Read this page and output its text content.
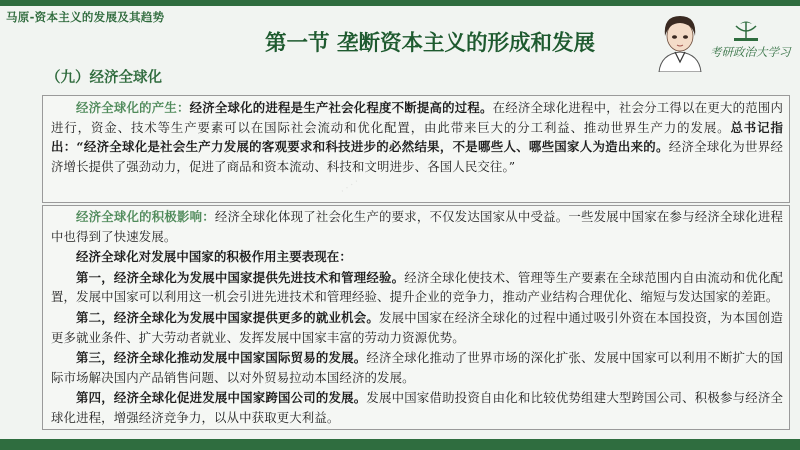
马原-资本主义的发展及其趋势
第一节 垄断资本主义的形成和发展	考研政治大学习
（九）经济全球化

经济全球化的产生：经济全球化的进程是生产社会化程度不断提高的过程。在经济全球化进程中，社会分工得以在更大的范围内进行，资金、技术等生产要素可以在国际社会流动和优化配置，由此带来巨大的分工利益、推动世界生产力的发展。总书记指出：“经济全球化是社会生产力发展的客观要求和科技进步的必然结果，不是哪些人、哪些国家人为造出来的。经济全球化为世界经济增长提供了强劲动力，促进了商品和资本流动、科技和文明进步、各国人民交往。”

· · · ·

经济全球化的积极影响：经济全球化体现了社会化生产的要求，不仅发达国家从中受益。一些发展中国家在参与经济全球化进程中也得到了快速发展。

经济全球化对发展中国家的积极作用主要表现在：

第一，经济全球化为发展中国家提供先进技术和管理经验。经济全球化使技术、管理等生产要素在全球范围内自由流动和优化配置，发展中国家可以利用这一机会引进先进技术和管理经验、提升企业的竞争力，推动产业结构合理优化、缩短与发达国家的差距。

第二，经济全球化为发展中国家提供更多的就业机会。发展中国家在经济全球化的过程中通过吸引外资在本国投资，为本国创造更多就业条件、扩大劳动者就业、发挥发展中国家丰富的劳动力资源优势。

第三，经济全球化推动发展中国家国际贸易的发展。经济全球化推动了世界市场的深化扩张、发展中国家可以利用不断扩大的国际市场解决国内产品销售问题、以对外贸易拉动本国经济的发展。

第四，经济全球化促进发展中国家跨国公司的发展。发展中国家借助投资自由化和比较优势组建大型跨国公司、积极参与经济全球化进程，增强经济竞争力，以从中获取更大利益。
